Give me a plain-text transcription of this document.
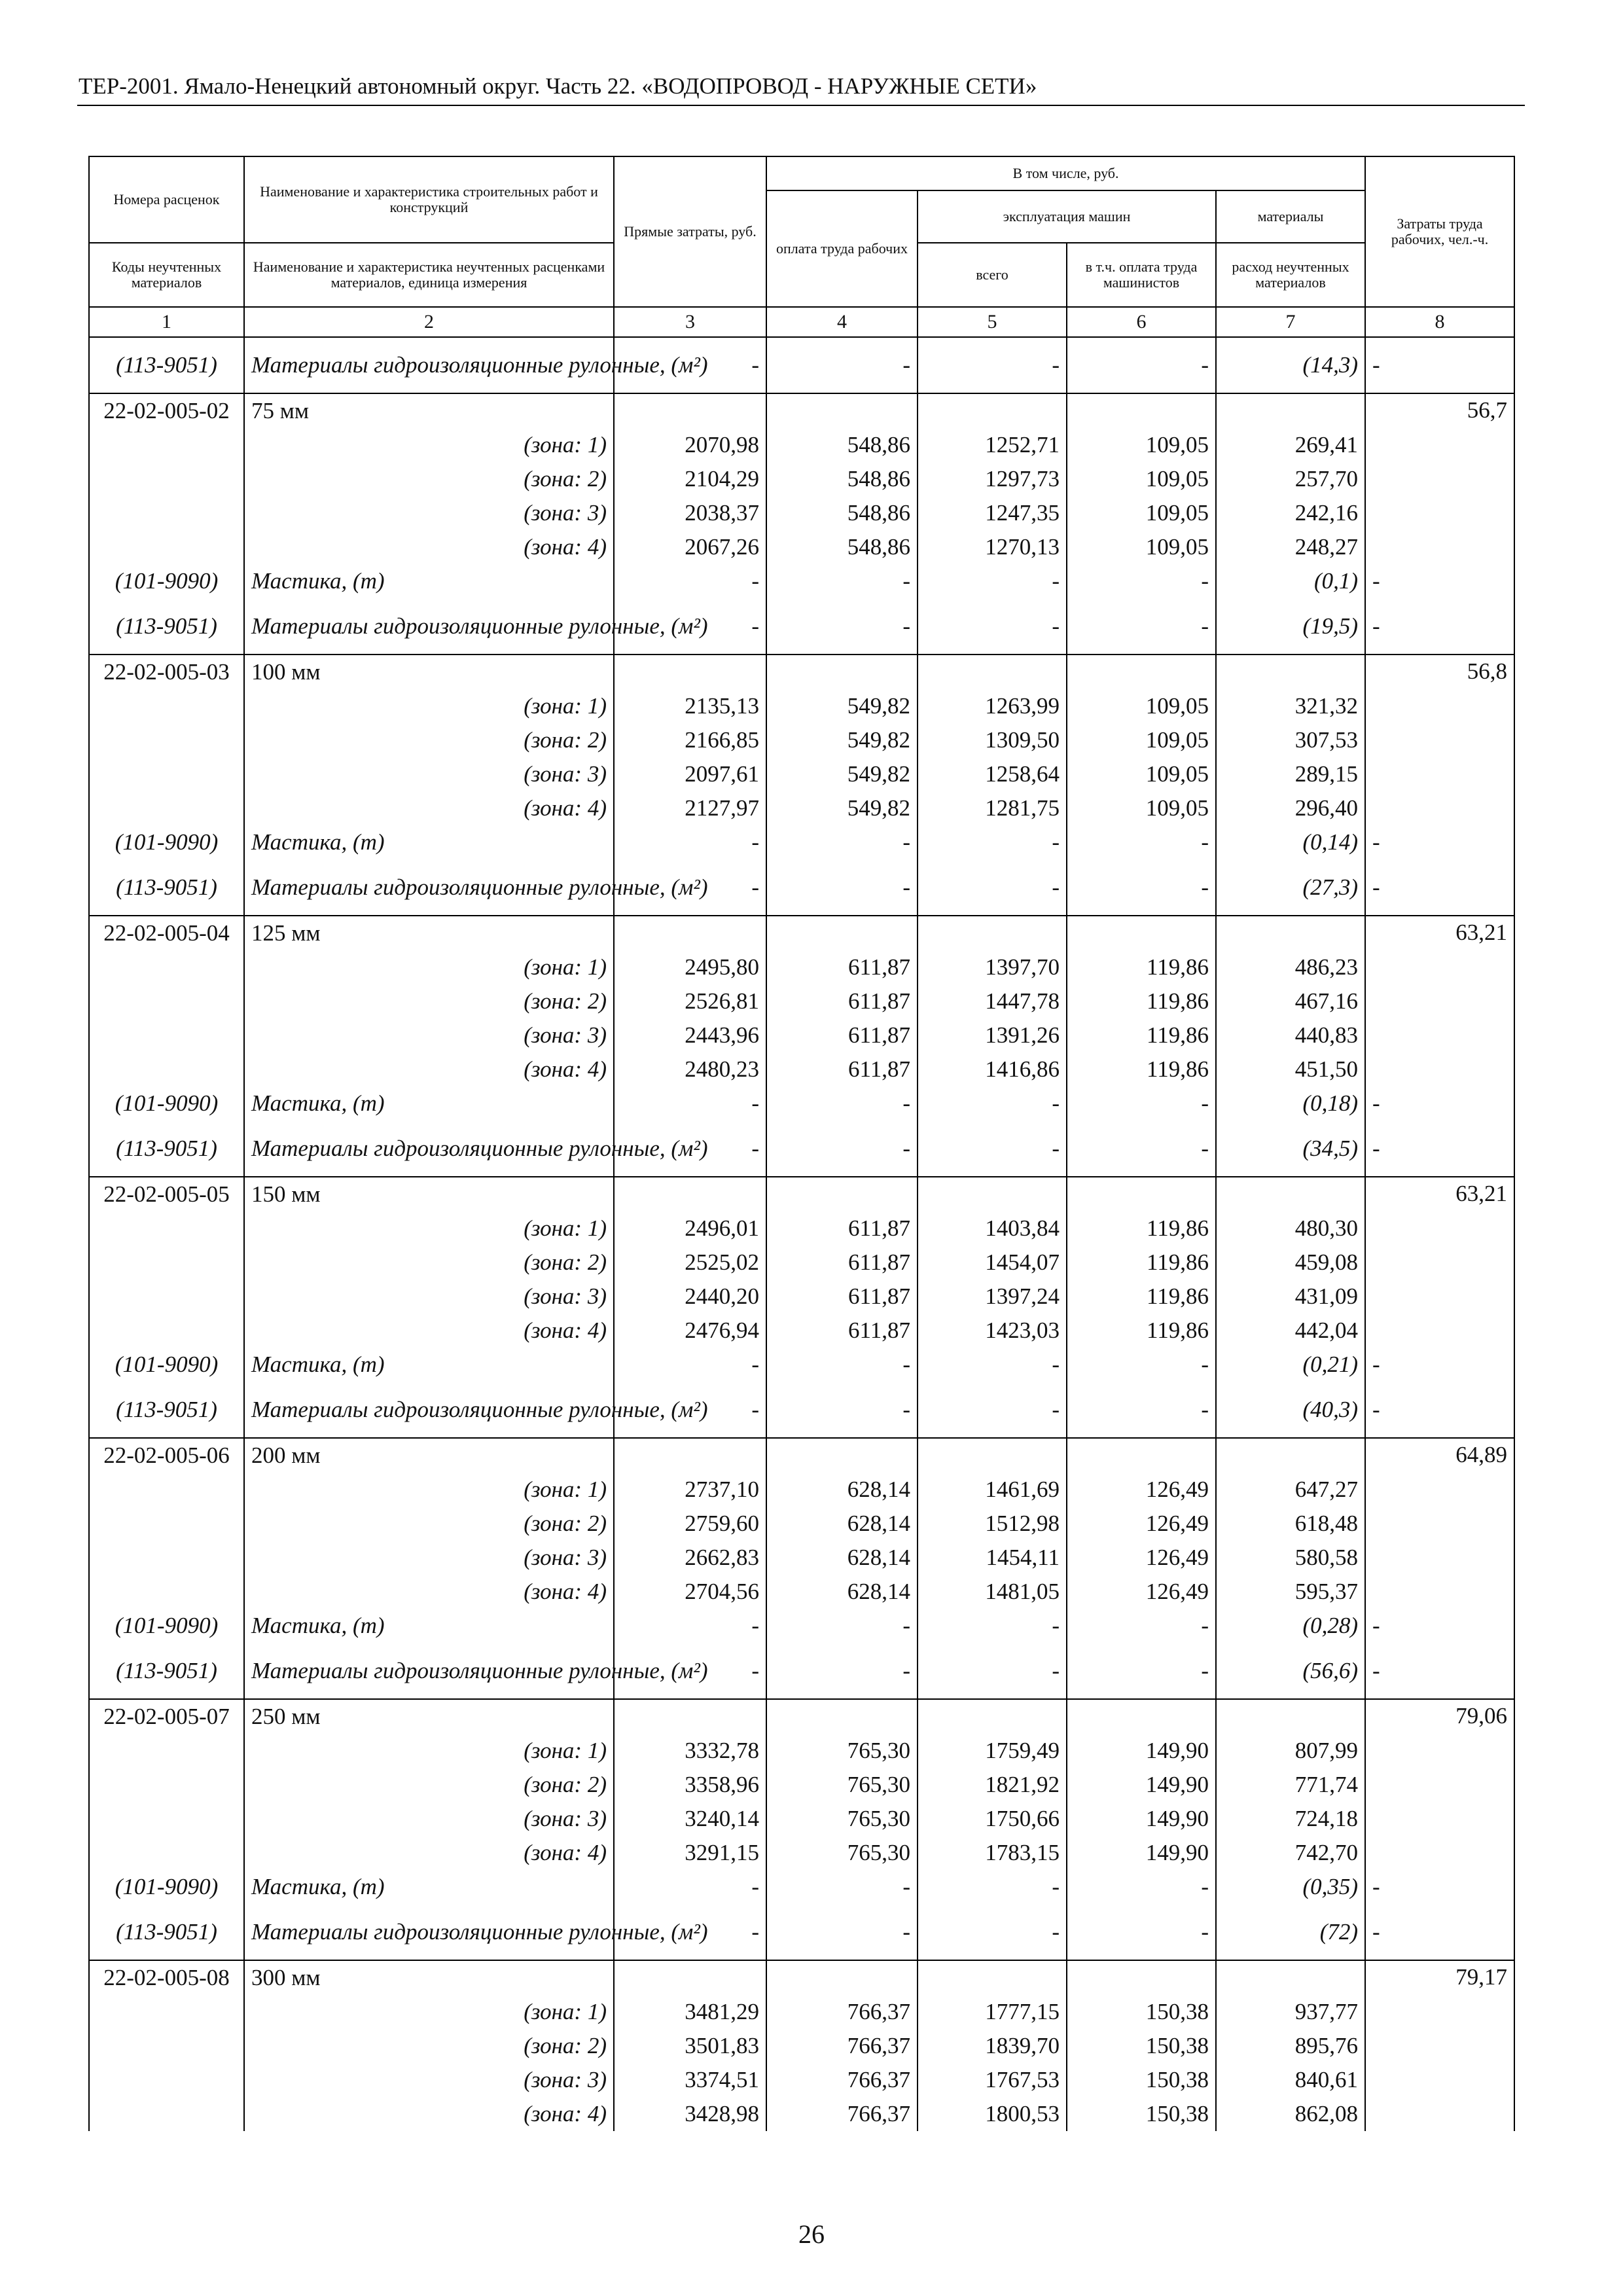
ТЕР-2001. Ямало-Ненецкий автономный округ. Часть 22. «ВОДОПРОВОД - НАРУЖНЫЕ СЕТИ»
Номера расценок	Наименование и характеристика строительных работ и конструкций	Прямые затраты, руб.	В том числе, руб.				Затраты труда рабочих, чел.-ч.
			оплата труда рабочих	эксплуатация машин		материалы	
Коды неучтенных материалов	Наименование и характеристика неучтенных расценками материалов, единица измерения			всего	в т.ч. оплата труда машинистов	расход неучтенных материалов	
1	2	3	4	5	6	7	8
(113-9051)	Материалы гидроизоляционные рулонные, (м²)	-	-	-	-	(14,3)	-
22-02-005-02	75 мм						56,7
	(зона: 1)	2070,98	548,86	1252,71	109,05	269,41	
	(зона: 2)	2104,29	548,86	1297,73	109,05	257,70	
	(зона: 3)	2038,37	548,86	1247,35	109,05	242,16	
	(зона: 4)	2067,26	548,86	1270,13	109,05	248,27	
(101-9090)	Мастика, (т)	-	-	-	-	(0,1)	-
(113-9051)	Материалы гидроизоляционные рулонные, (м²)	-	-	-	-	(19,5)	-
22-02-005-03	100 мм						56,8
	(зона: 1)	2135,13	549,82	1263,99	109,05	321,32	
	(зона: 2)	2166,85	549,82	1309,50	109,05	307,53	
	(зона: 3)	2097,61	549,82	1258,64	109,05	289,15	
	(зона: 4)	2127,97	549,82	1281,75	109,05	296,40	
(101-9090)	Мастика, (т)	-	-	-	-	(0,14)	-
(113-9051)	Материалы гидроизоляционные рулонные, (м²)	-	-	-	-	(27,3)	-
22-02-005-04	125 мм						63,21
	(зона: 1)	2495,80	611,87	1397,70	119,86	486,23	
	(зона: 2)	2526,81	611,87	1447,78	119,86	467,16	
	(зона: 3)	2443,96	611,87	1391,26	119,86	440,83	
	(зона: 4)	2480,23	611,87	1416,86	119,86	451,50	
(101-9090)	Мастика, (т)	-	-	-	-	(0,18)	-
(113-9051)	Материалы гидроизоляционные рулонные, (м²)	-	-	-	-	(34,5)	-
22-02-005-05	150 мм						63,21
	(зона: 1)	2496,01	611,87	1403,84	119,86	480,30	
	(зона: 2)	2525,02	611,87	1454,07	119,86	459,08	
	(зона: 3)	2440,20	611,87	1397,24	119,86	431,09	
	(зона: 4)	2476,94	611,87	1423,03	119,86	442,04	
(101-9090)	Мастика, (т)	-	-	-	-	(0,21)	-
(113-9051)	Материалы гидроизоляционные рулонные, (м²)	-	-	-	-	(40,3)	-
22-02-005-06	200 мм						64,89
	(зона: 1)	2737,10	628,14	1461,69	126,49	647,27	
	(зона: 2)	2759,60	628,14	1512,98	126,49	618,48	
	(зона: 3)	2662,83	628,14	1454,11	126,49	580,58	
	(зона: 4)	2704,56	628,14	1481,05	126,49	595,37	
(101-9090)	Мастика, (т)	-	-	-	-	(0,28)	-
(113-9051)	Материалы гидроизоляционные рулонные, (м²)	-	-	-	-	(56,6)	-
22-02-005-07	250 мм						79,06
	(зона: 1)	3332,78	765,30	1759,49	149,90	807,99	
	(зона: 2)	3358,96	765,30	1821,92	149,90	771,74	
	(зона: 3)	3240,14	765,30	1750,66	149,90	724,18	
	(зона: 4)	3291,15	765,30	1783,15	149,90	742,70	
(101-9090)	Мастика, (т)	-	-	-	-	(0,35)	-
(113-9051)	Материалы гидроизоляционные рулонные, (м²)	-	-	-	-	(72)	-
22-02-005-08	300 мм						79,17
	(зона: 1)	3481,29	766,37	1777,15	150,38	937,77	
	(зона: 2)	3501,83	766,37	1839,70	150,38	895,76	
	(зона: 3)	3374,51	766,37	1767,53	150,38	840,61	
	(зона: 4)	3428,98	766,37	1800,53	150,38	862,08	
26
